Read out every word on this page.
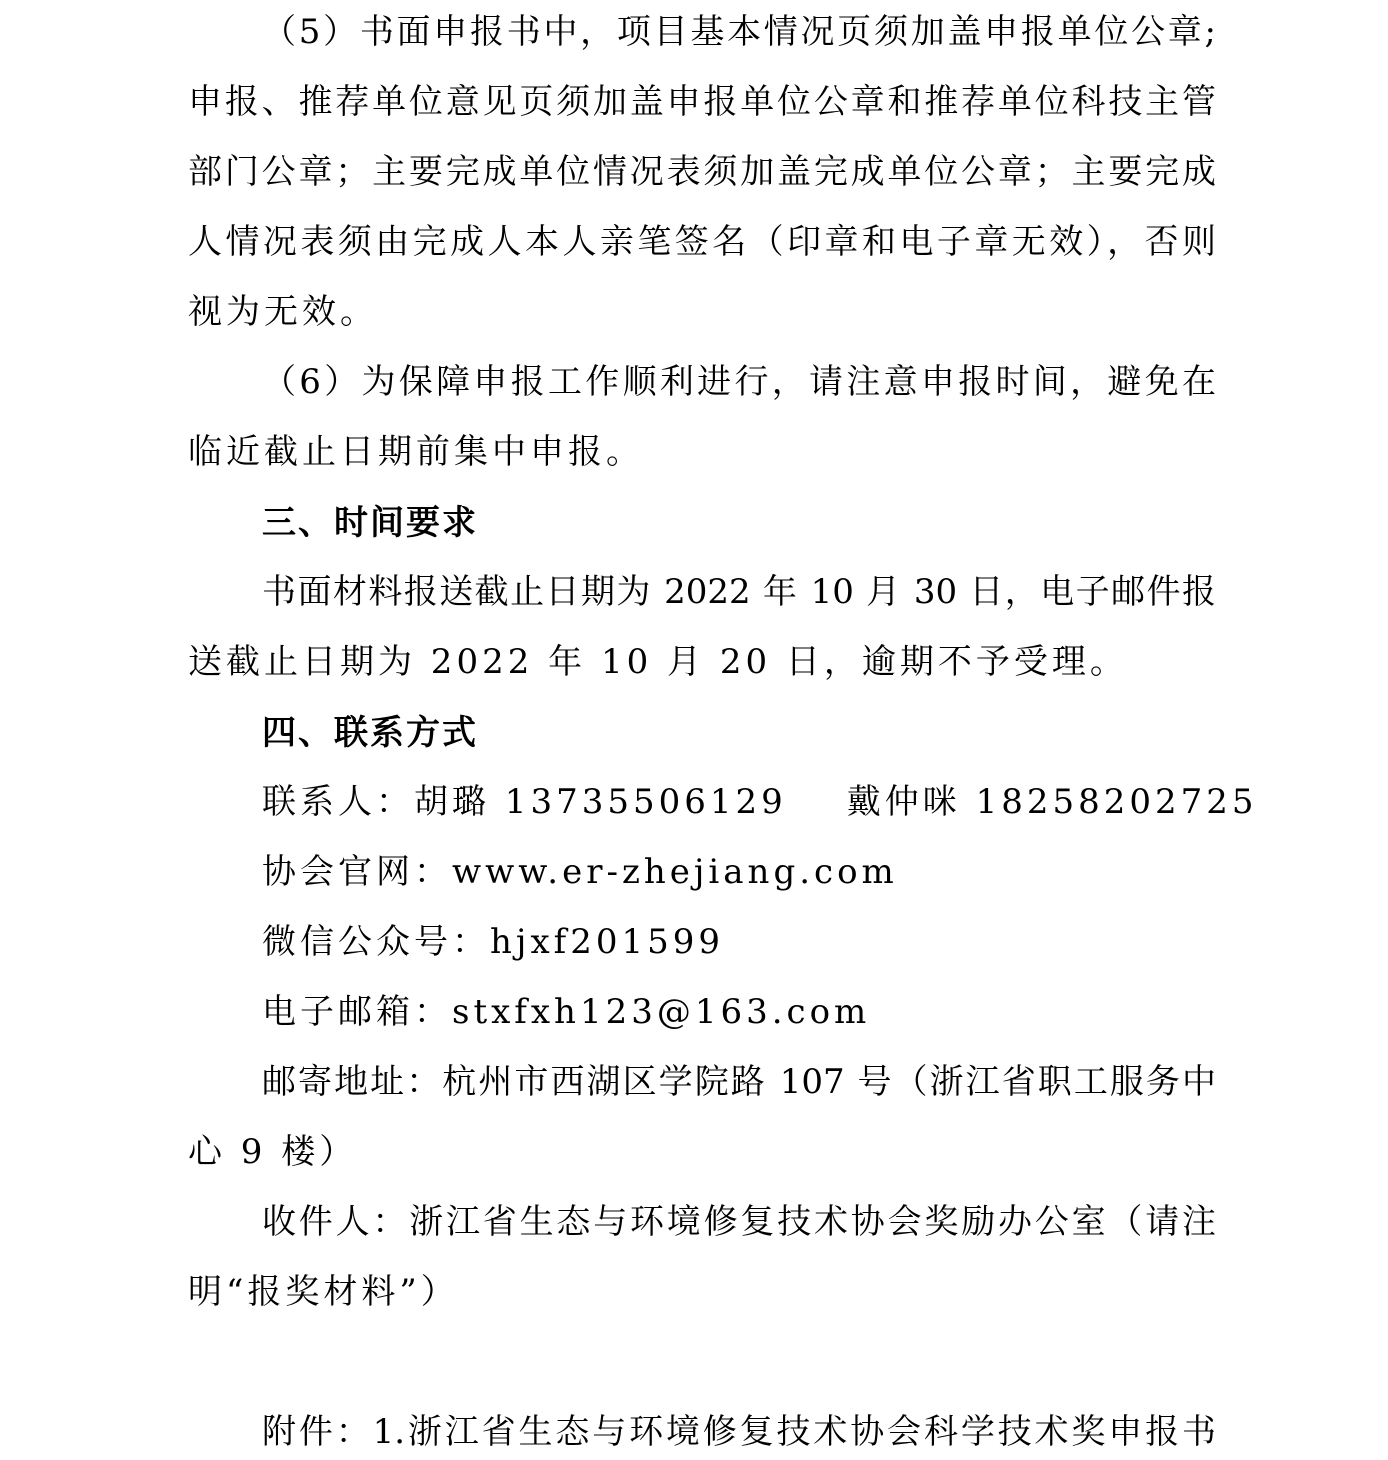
（5）书面申报书中，项目基本情况页须加盖申报单位公章;
申报、推荐单位意见页须加盖申报单位公章和推荐单位科技主管
部门公章；主要完成单位情况表须加盖完成单位公章；主要完成
人情况表须由完成人本人亲笔签名（印章和电子章无效），否则
视为无效。
（6）为保障申报工作顺利进行，请注意申报时间，避免在
临近截止日期前集中申报。
三、时间要求
书面材料报送截止日期为 2022 年 10 月 30 日，电子邮件报
送截止日期为 2022 年 10 月 20 日，逾期不予受理。
四、联系方式
联系人：胡璐 13735506129 戴仲咪 18258202725
协会官网：www.er-zhejiang.com
微信公众号：hjxf201599
电子邮箱：stxfxh123@163.com
邮寄地址：杭州市西湖区学院路 107 号（浙江省职工服务中
心 9 楼）
收件人：浙江省生态与环境修复技术协会奖励办公室（请注
明“报奖材料”）
附件：1.浙江省生态与环境修复技术协会科学技术奖申报书
